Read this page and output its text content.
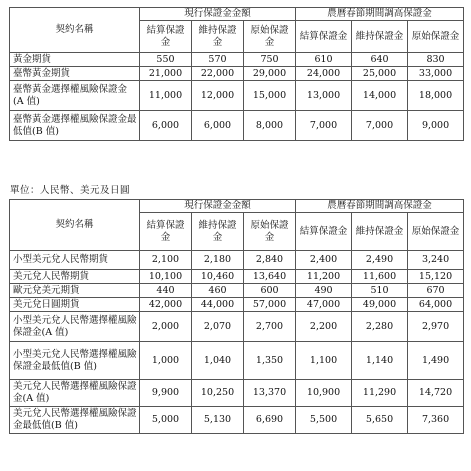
契約名稱	現行保證金金額			農曆春節期間調高保證金		
	結算保證金	維持保證金	原始保證金	結算保證金	維持保證金	原始保證金
黃金期貨	550	570	750	610	640	830
臺幣黃金期貨	21,000	22,000	29,000	24,000	25,000	33,000
臺幣黃金選擇權風險保證金(A 值)	11,000	12,000	15,000	13,000	14,000	18,000
臺幣黃金選擇權風險保證金最低值(B 值)	6,000	6,000	8,000	7,000	7,000	9,000
單位：人民幣、美元及日圓
契約名稱	現行保證金金額			農曆春節期間調高保證金		
	結算保證金	維持保證金	原始保證金	結算保證金	維持保證金	原始保證金
小型美元兌人民幣期貨	2,100	2,180	2,840	2,400	2,490	3,240
美元兌人民幣期貨	10,100	10,460	13,640	11,200	11,600	15,120
歐元兌美元期貨	440	460	600	490	510	670
美元兌日圓期貨	42,000	44,000	57,000	47,000	49,000	64,000
小型美元兌人民幣選擇權風險保證金(A 值)	2,000	2,070	2,700	2,200	2,280	2,970
小型美元兌人民幣選擇權風險保證金最低值(B 值)	1,000	1,040	1,350	1,100	1,140	1,490
美元兌人民幣選擇權風險保證金(A 值)	9,900	10,250	13,370	10,900	11,290	14,720
美元兌人民幣選擇權風險保證金最低值(B 值)	5,000	5,130	6,690	5,500	5,650	7,360
